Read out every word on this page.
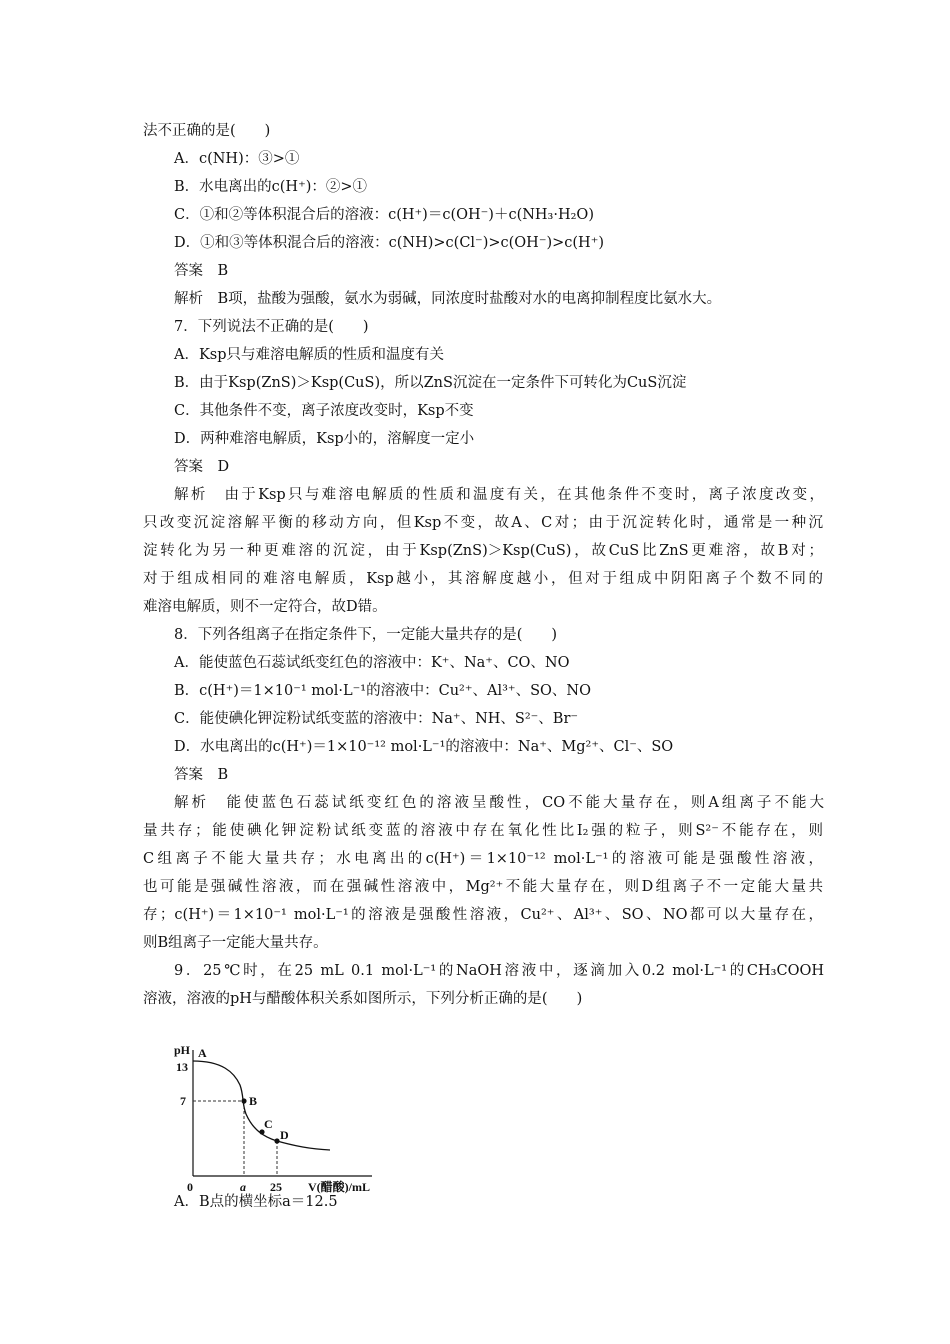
法不正确的是(　　)
A．c(NH)：③>①
B．水电离出的c(H⁺)：②>①
C．①和②等体积混合后的溶液：c(H⁺)＝c(OH⁻)＋c(NH₃·H₂O)
D．①和③等体积混合后的溶液：c(NH)>c(Cl⁻)>c(OH⁻)>c(H⁺)
答案　B
解析　B项，盐酸为强酸，氨水为弱碱，同浓度时盐酸对水的电离抑制程度比氨水大。
7．下列说法不正确的是(　　)
A．Ksp只与难溶电解质的性质和温度有关
B．由于Ksp(ZnS)＞Ksp(CuS)，所以ZnS沉淀在一定条件下可转化为CuS沉淀
C．其他条件不变，离子浓度改变时，Ksp不变
D．两种难溶电解质，Ksp小的，溶解度一定小
答案　D
解析　由于Ksp只与难溶电解质的性质和温度有关，在其他条件不变时，离子浓度改变，
只改变沉淀溶解平衡的移动方向，但Ksp不变，故A、C对；由于沉淀转化时，通常是一种沉
淀转化为另一种更难溶的沉淀，由于Ksp(ZnS)＞Ksp(CuS)，故CuS比ZnS更难溶，故B对；
对于组成相同的难溶电解质，Ksp越小，其溶解度越小，但对于组成中阴阳离子个数不同的
难溶电解质，则不一定符合，故D错。
8．下列各组离子在指定条件下，一定能大量共存的是(　　)
A．能使蓝色石蕊试纸变红色的溶液中：K⁺、Na⁺、CO、NO
B．c(H⁺)＝1×10⁻¹ mol·L⁻¹的溶液中：Cu²⁺、Al³⁺、SO、NO
C．能使碘化钾淀粉试纸变蓝的溶液中：Na⁺、NH、S²⁻、Br⁻
D．水电离出的c(H⁺)＝1×10⁻¹² mol·L⁻¹的溶液中：Na⁺、Mg²⁺、Cl⁻、SO
答案　B
解析　能使蓝色石蕊试纸变红色的溶液呈酸性，CO不能大量存在，则A组离子不能大
量共存；能使碘化钾淀粉试纸变蓝的溶液中存在氧化性比I₂强的粒子，则S²⁻不能存在，则
C组离子不能大量共存；水电离出的c(H⁺)＝1×10⁻¹² mol·L⁻¹的溶液可能是强酸性溶液，
也可能是强碱性溶液，而在强碱性溶液中，Mg²⁺不能大量存在，则D组离子不一定能大量共
存；c(H⁺)＝1×10⁻¹ mol·L⁻¹的溶液是强酸性溶液，Cu²⁺、Al³⁺、SO、NO都可以大量存在，
则B组离子一定能大量共存。
9．25℃时，在25 mL 0.1 mol·L⁻¹的NaOH溶液中，逐滴加入0.2 mol·L⁻¹的CH₃COOH
溶液，溶液的pH与醋酸体积关系如图所示，下列分析正确的是(　　)
pH A
B
C
D
13
7
0	a 25 V(醋酸)/mL
A．B点的横坐标a＝12.5
